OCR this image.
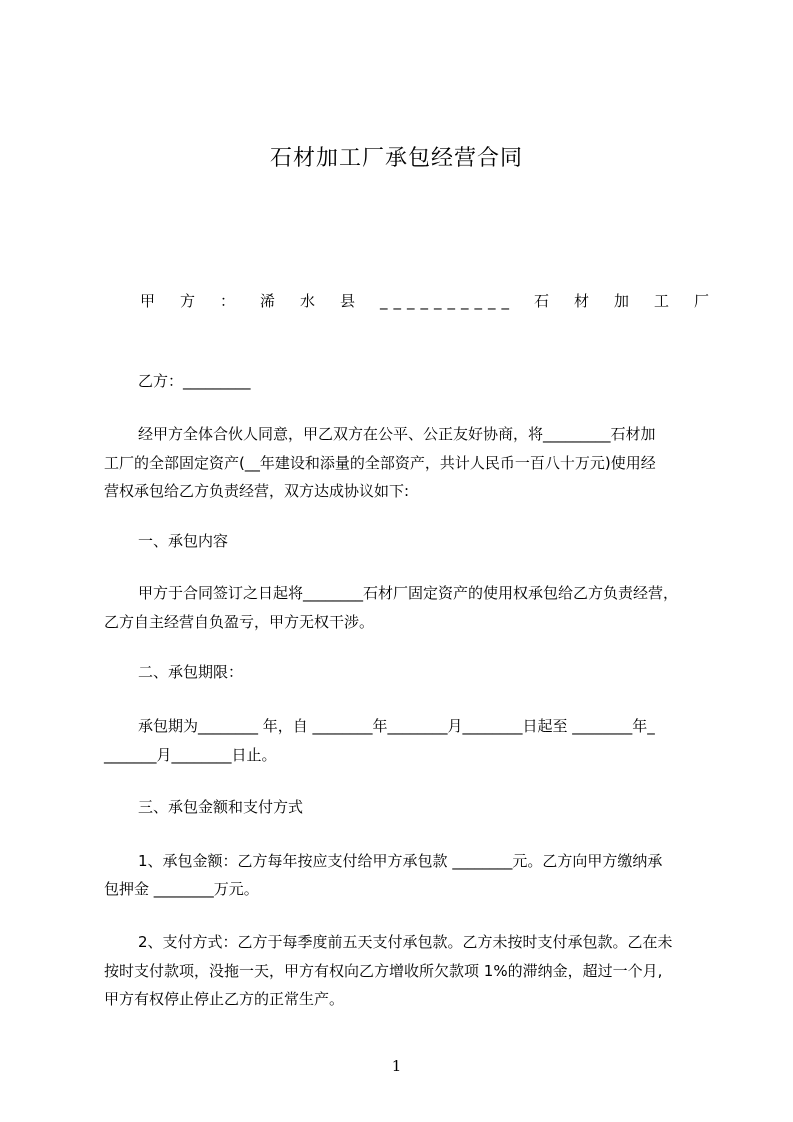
石材加工厂承包经营合同
甲方：浠水县__________石材加工厂
乙方：_________
经甲方全体合伙人同意，甲乙双方在公平、公正友好协商，将_________石材加
工厂的全部固定资产(__年建设和添量的全部资产，共计人民币一百八十万元)使用经
营权承包给乙方负责经营，双方达成协议如下:
一、承包内容
甲方于合同签订之日起将________石材厂固定资产的使用权承包给乙方负责经营，
乙方自主经营自负盈亏，甲方无权干涉。
二、承包期限：
承包期为________ 年，自 ________年________月________日起至 ________年_
_______月________日止。
三、承包金额和支付方式
1、承包金额：乙方每年按应支付给甲方承包款 ________元。乙方向甲方缴纳承
包押金 ________万元。
2、支付方式：乙方于每季度前五天支付承包款。乙方未按时支付承包款。乙在未
按时支付款项，没拖一天，甲方有权向乙方增收所欠款项 1%的滞纳金，超过一个月,
甲方有权停止停止乙方的正常生产。
1
